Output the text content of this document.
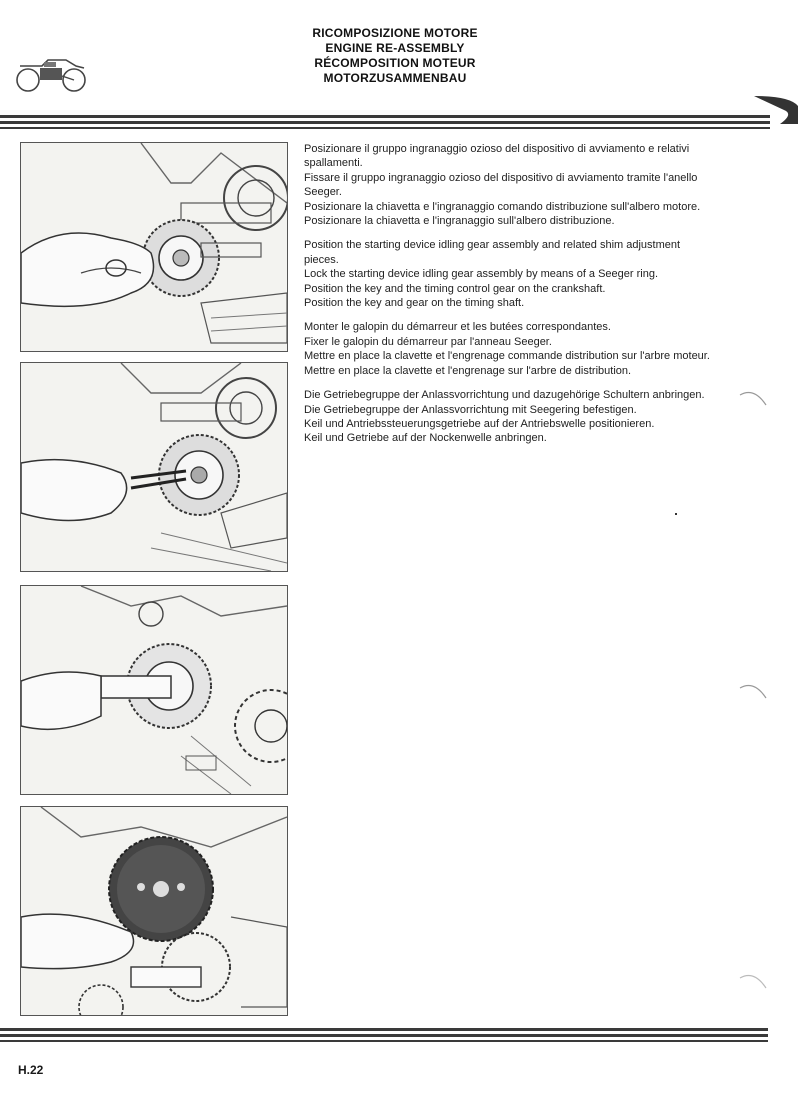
RICOMPOSIZIONE MOTORE
ENGINE RE-ASSEMBLY
RÉCOMPOSITION MOTEUR
MOTORZUSAMMENBAU
Posizionare il gruppo ingranaggio ozioso del dispositivo di avviamento e relativi spallamenti.
Fissare il gruppo ingranaggio ozioso del dispositivo di avviamento tramite l'anello Seeger.
Posizionare la chiavetta e l'ingranaggio comando distribuzione sull'albero motore.
Posizionare la chiavetta e l'ingranaggio sull'albero distribuzione.
Position the starting device idling gear assembly and related shim adjustment pieces.
Lock the starting device idling gear assembly by means of a Seeger ring.
Position the key and the timing control gear on the crankshaft.
Position the key and gear on the timing shaft.
Monter le galopin du démarreur et les butées correspondantes.
Fixer le galopin du démarreur par l'anneau Seeger.
Mettre en place la clavette et l'engrenage commande distribution sur l'arbre moteur.
Mettre en place la clavette et l'engrenage sur l'arbre de distribution.
Die Getriebegruppe der Anlassvorrichtung und dazugehörige Schultern anbringen.
Die Getriebegruppe der Anlassvorrichtung mit Seegering befestigen.
Keil und Antriebssteuerungsgetriebe auf der Antriebswelle positionieren.
Keil und Getriebe auf der Nockenwelle anbringen.
H.22
